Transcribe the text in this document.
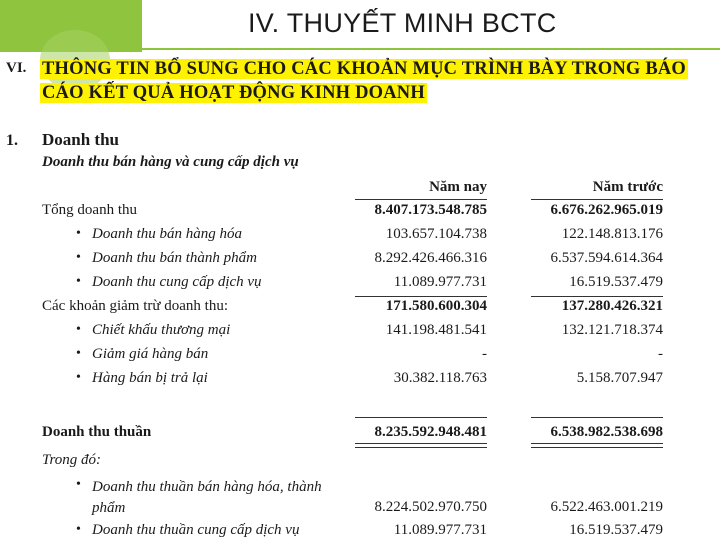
IV. THUYẾT MINH BCTC
VI. THÔNG TIN BỔ SUNG CHO CÁC KHOẢN MỤC TRÌNH BÀY TRONG BÁO CÁO KẾT QUẢ HOẠT ĐỘNG KINH DOANH
1. Doanh thu
Doanh thu bán hàng và cung cấp dịch vụ
Năm nay	Năm trước
Tổng doanh thu	8.407.173.548.785	6.676.262.965.019
• Doanh thu bán hàng hóa	103.657.104.738	122.148.813.176
• Doanh thu bán thành phẩm	8.292.426.466.316	6.537.594.614.364
• Doanh thu cung cấp dịch vụ	11.089.977.731	16.519.537.479
Các khoản giảm trừ doanh thu:	171.580.600.304	137.280.426.321
• Chiết khấu thương mại	141.198.481.541	132.121.718.374
• Giảm giá hàng bán	-	-
• Hàng bán bị trả lại	30.382.118.763	5.158.707.947
Doanh thu thuần	8.235.592.948.481	6.538.982.538.698
Trong đó:
• Doanh thu thuần bán hàng hóa, thành phẩm	8.224.502.970.750	6.522.463.001.219
• Doanh thu thuần cung cấp dịch vụ	11.089.977.731	16.519.537.479
